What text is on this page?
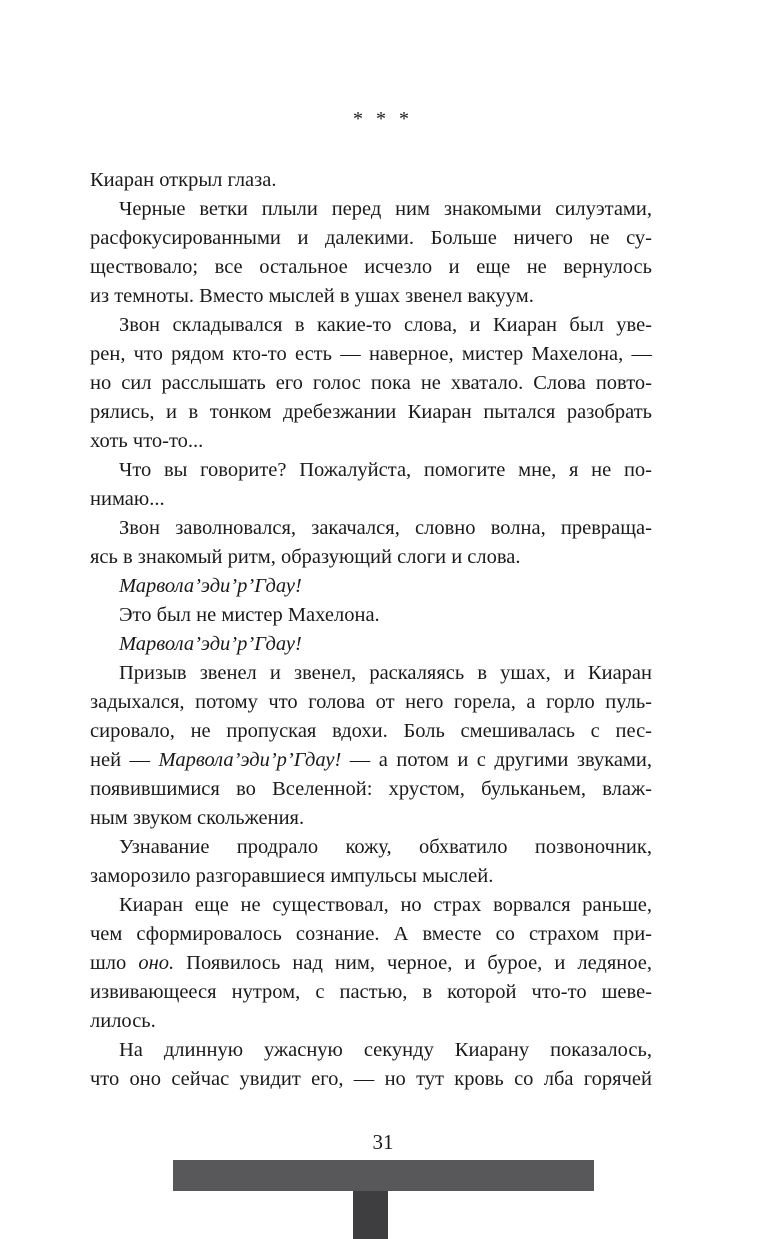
* * *
Киаран открыл глаза.
Черные ветки плыли перед ним знакомыми силуэтами,
расфокусированными и далекими. Больше ничего не су-
ществовало; все остальное исчезло и еще не вернулось
из темноты. Вместо мыслей в ушах звенел вакуум.
Звон складывался в какие-то слова, и Киаран был уве-
рен, что рядом кто-то есть — наверное, мистер Махелона, —
но сил расслышать его голос пока не хватало. Слова повто-
рялись, и в тонком дребезжании Киаран пытался разобрать
хоть что-то...
Что вы говорите? Пожалуйста, помогите мне, я не по-
нимаю...
Звон заволновался, закачался, словно волна, превраща-
ясь в знакомый ритм, образующий слоги и слова.
Марвола’эди’р’Гдау!
Это был не мистер Махелона.
Марвола’эди’р’Гдау!
Призыв звенел и звенел, раскаляясь в ушах, и Киаран
задыхался, потому что голова от него горела, а горло пуль-
сировало, не пропуская вдохи. Боль смешивалась с пес-
ней — Марвола’эди’р’Гдау! — а потом и с другими звуками,
появившимися во Вселенной: хрустом, бульканьем, влаж-
ным звуком скольжения.
Узнавание продрало кожу, обхватило позвоночник,
заморозило разгоравшиеся импульсы мыслей.
Киаран еще не существовал, но страх ворвался раньше,
чем сформировалось сознание. А вместе со страхом при-
шло оно. Появилось над ним, черное, и бурое, и ледяное,
извивающееся нутром, с пастью, в которой что-то шеве-
лилось.
На длинную ужасную секунду Киарану показалось,
что оно сейчас увидит его, — но тут кровь со лба горячей
31
